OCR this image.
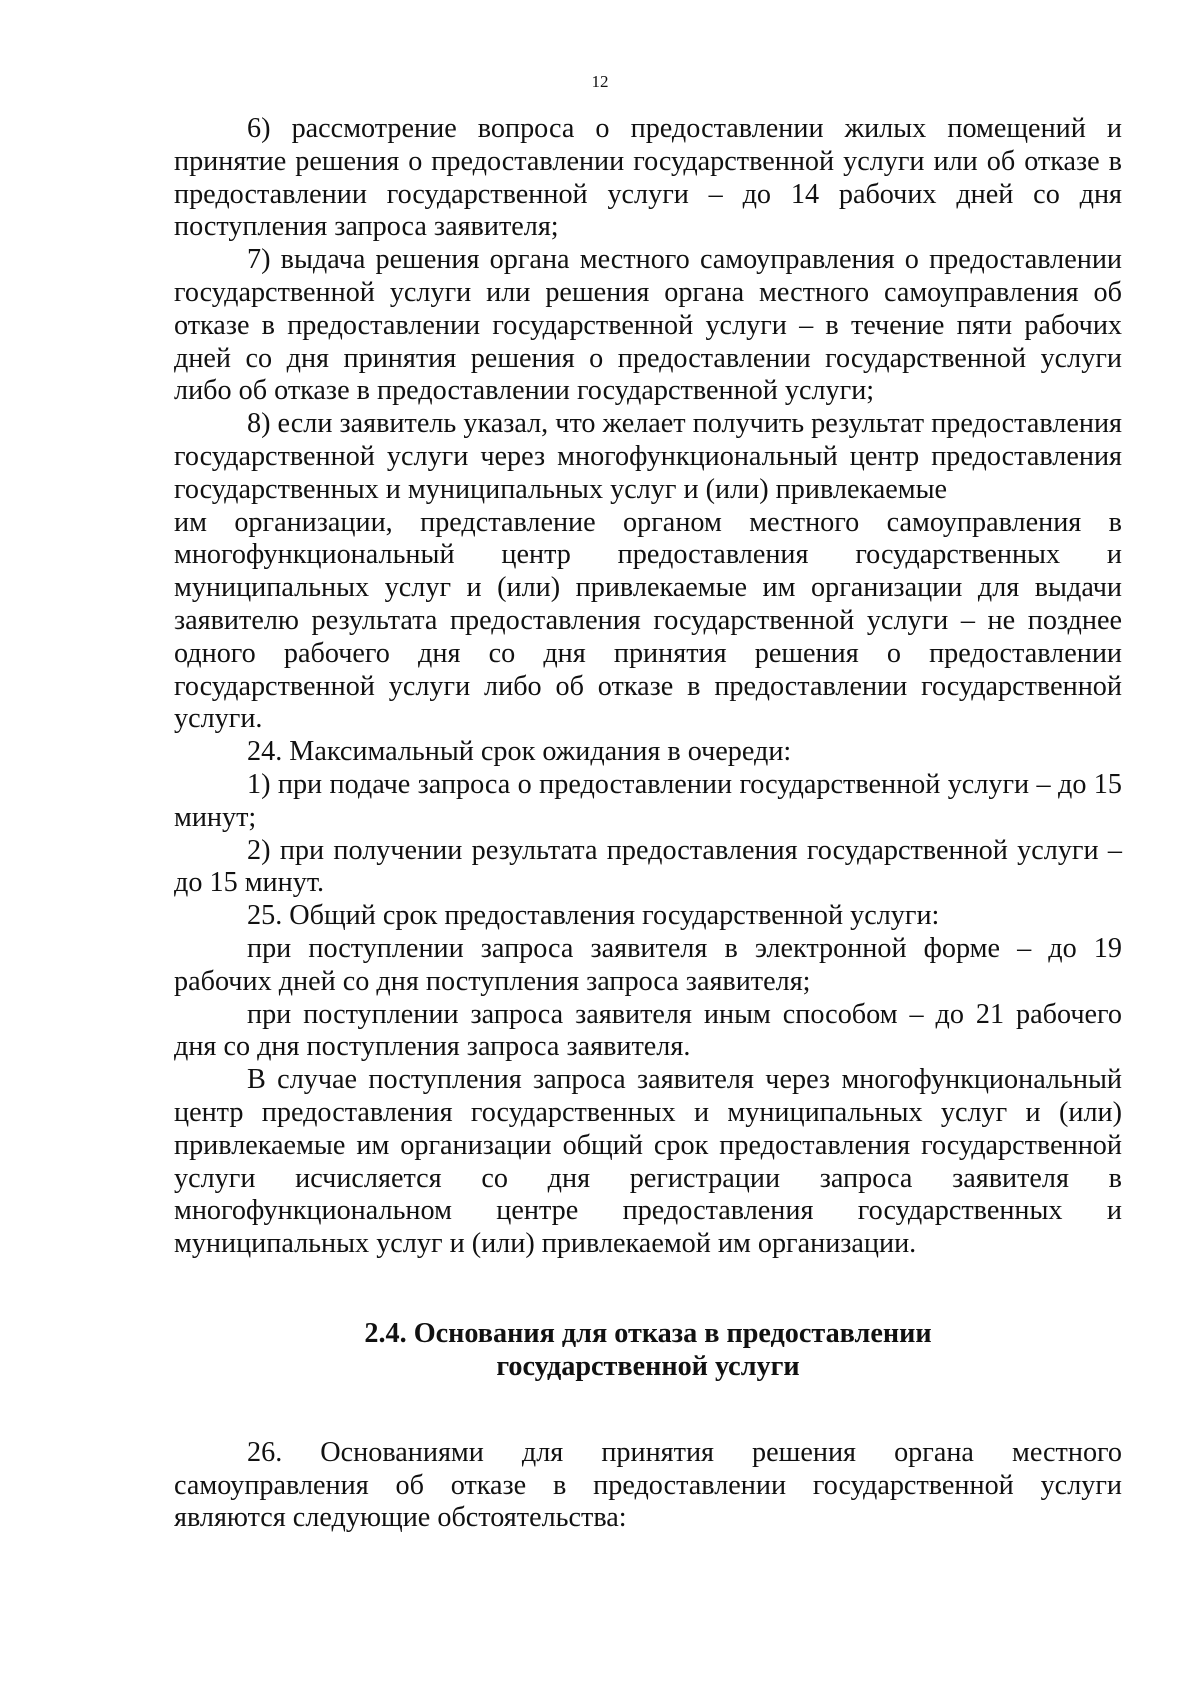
12

6) рассмотрение вопроса о предоставлении жилых помещений и принятие решения о предоставлении государственной услуги или об отказе в предоставлении государственной услуги – до 14 рабочих дней со дня поступления запроса заявителя;

7) выдача решения органа местного самоуправления о предоставлении государственной услуги или решения органа местного самоуправления об отказе в предоставлении государственной услуги – в течение пяти рабочих дней со дня принятия решения о предоставлении государственной услуги либо об отказе в предоставлении государственной услуги;

8) если заявитель указал, что желает получить результат предоставления государственной услуги через многофункциональный центр предоставления государственных и муниципальных услуг и (или) привлекаемые

им организации, представление органом местного самоуправления в многофункциональный центр предоставления государственных и муниципальных услуг и (или) привлекаемые им организации для выдачи заявителю результата предоставления государственной услуги – не позднее одного рабочего дня со дня принятия решения о предоставлении государственной услуги либо об отказе в предоставлении государственной услуги.

24. Максимальный срок ожидания в очереди:

1) при подаче запроса о предоставлении государственной услуги – до 15 минут;

2) при получении результата предоставления государственной услуги – до 15 минут.

25. Общий срок предоставления государственной услуги:

при поступлении запроса заявителя в электронной форме – до 19 рабочих дней со дня поступления запроса заявителя;

при поступлении запроса заявителя иным способом – до 21 рабочего дня со дня поступления запроса заявителя.

В случае поступления запроса заявителя через многофункциональный центр предоставления государственных и муниципальных услуг и (или) привлекаемые им организации общий срок предоставления государственной услуги исчисляется со дня регистрации запроса заявителя в многофункциональном центре предоставления государственных и муниципальных услуг и (или) привлекаемой им организации.

2.4. Основания для отказа в предоставлении
государственной услуги

26. Основаниями для принятия решения органа местного самоуправления об отказе в предоставлении государственной услуги являются следующие обстоятельства:
